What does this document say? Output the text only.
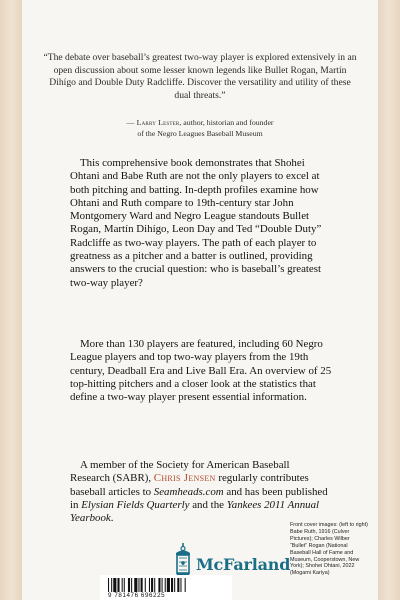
“The debate over baseball’s greatest two-way player is explored extensively in an open discussion about some lesser known legends like Bullet Rogan, Martín Dihígo and Double Duty Radcliffe. Discover the versatility and utility of these dual threats.”
— Larry Lester, author, historian and founder
of the Negro Leagues Baseball Museum
This comprehensive book demonstrates that Shohei Ohtani and Babe Ruth are not the only players to excel at both pitching and batting. In-depth profiles examine how Ohtani and Ruth compare to 19th-century star John Montgomery Ward and Negro League standouts Bullet Rogan, Martín Dihígo, Leon Day and Ted “Double Duty” Radcliffe as two-way players. The path of each player to greatness as a pitcher and a batter is outlined, providing answers to the crucial question: who is baseball’s greatest two-way player?
More than 130 players are featured, including 60 Negro League players and top two-way players from the 19th century, Deadball Era and Live Ball Era. An overview of 25 top-hitting pitchers and a closer look at the statistics that define a two-way player present essential information.
A member of the Society for American Baseball Research (SABR), Chris Jensen regularly contributes baseball articles to Seamheads.com and has been published in Elysian Fields Quarterly and the Yankees 2011 Annual Yearbook.
McFarland
Front cover images: (left to right) Babe Ruth, 1916 (Culver Pictures); Charles Wilber “Bullet” Rogan (National Baseball Hall of Fame and Museum, Cooperstown, New York); Shohei Ohtani, 2022 (Mogami Kariya)
9 781476 696225
